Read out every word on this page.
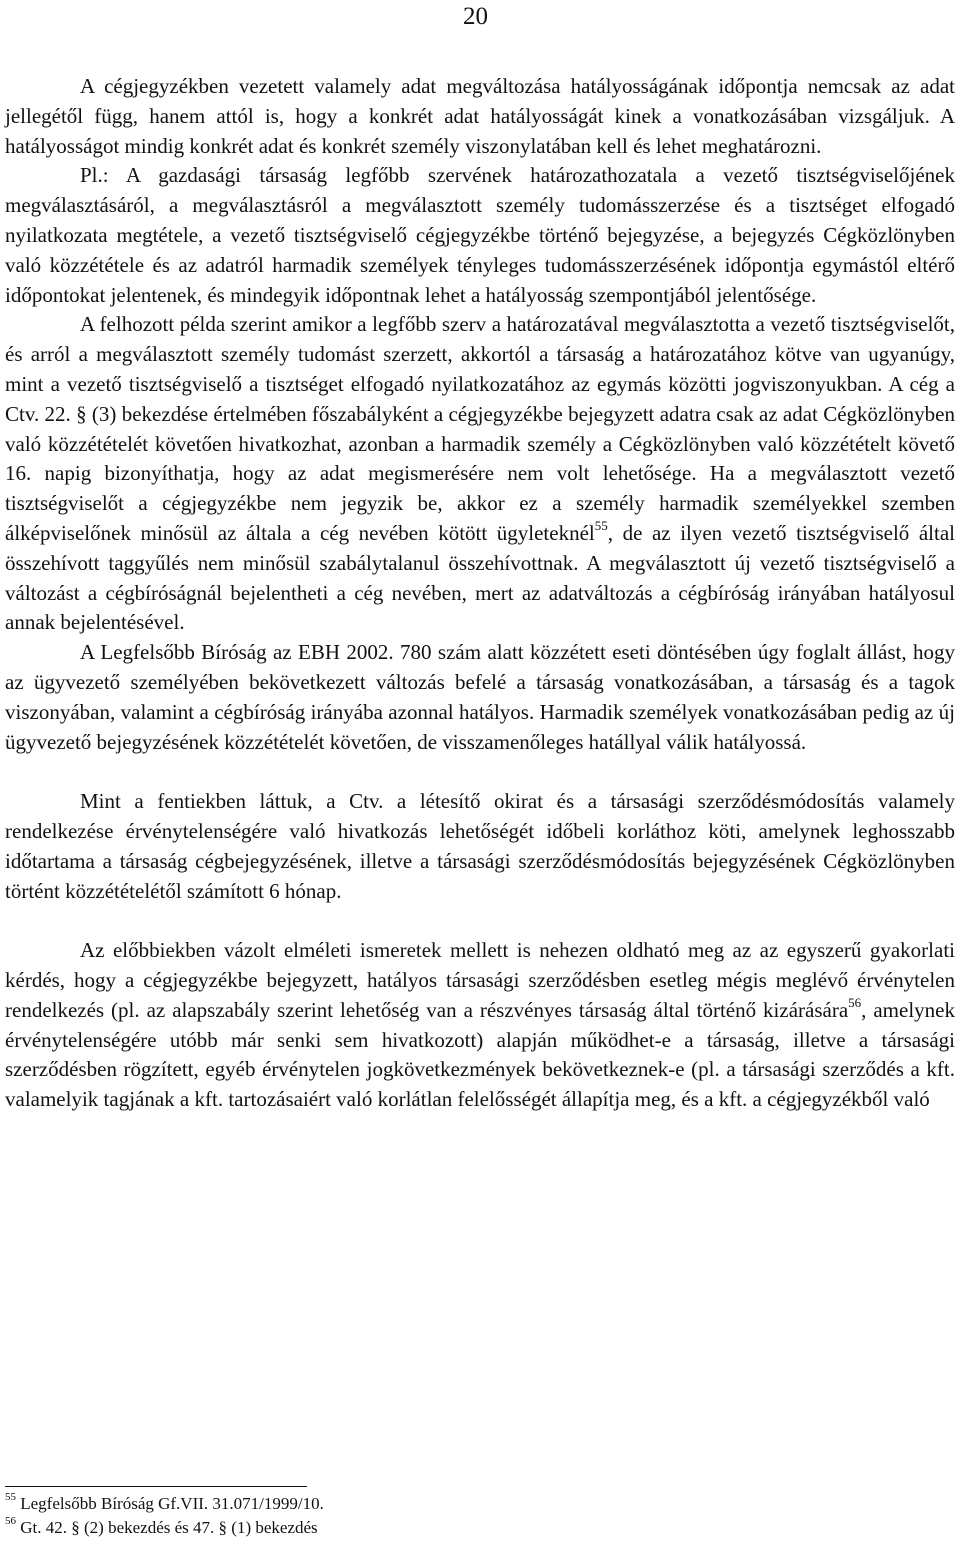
20

A cégjegyzékben vezetett valamely adat megváltozása hatályosságának időpontja nemcsak az adat jellegétől függ, hanem attól is, hogy a konkrét adat hatályosságát kinek a vonatkozásában vizsgáljuk. A hatályosságot mindig konkrét adat és konkrét személy viszonylatában kell és lehet meghatározni.

Pl.: A gazdasági társaság legfőbb szervének határozathozatala a vezető tisztségviselőjének megválasztásáról, a megválasztásról a megválasztott személy tudomásszerzése és a tisztséget elfogadó nyilatkozata megtétele, a vezető tisztségviselő cégjegyzékbe történő bejegyzése, a bejegyzés Cégközlönyben való közzététele és az adatról harmadik személyek tényleges tudomásszerzésének időpontja egymástól eltérő időpontokat jelentenek, és mindegyik időpontnak lehet a hatályosság szempontjából jelentősége.

A felhozott példa szerint amikor a legfőbb szerv a határozatával megválasztotta a vezető tisztségviselőt, és arról a megválasztott személy tudomást szerzett, akkortól a társaság a határozatához kötve van ugyanúgy, mint a vezető tisztségviselő a tisztséget elfogadó nyilatkozatához az egymás közötti jogviszonyukban. A cég a Ctv. 22. § (3) bekezdése értelmében főszabályként a cégjegyzékbe bejegyzett adatra csak az adat Cégközlönyben való közzétételét követően hivatkozhat, azonban a harmadik személy a Cégközlönyben való közzétételt követő 16. napig bizonyíthatja, hogy az adat megismerésére nem volt lehetősége. Ha a megválasztott vezető tisztségviselőt a cégjegyzékbe nem jegyzik be, akkor ez a személy harmadik személyekkel szemben álképviselőnek minősül az általa a cég nevében kötött ügyleteknél$^{55}$, de az ilyen vezető tisztségviselő által összehívott taggyűlés nem minősül szabálytalanul összehívottnak. A megválasztott új vezető tisztségviselő a változást a cégbíróságnál bejelentheti a cég nevében, mert az adatváltozás a cégbíróság irányában hatályosul annak bejelentésével.

A Legfelsőbb Bíróság az EBH 2002. 780 szám alatt közzétett eseti döntésében úgy foglalt állást, hogy az ügyvezető személyében bekövetkezett változás befelé a társaság vonatkozásában, a társaság és a tagok viszonyában, valamint a cégbíróság irányába azonnal hatályos. Harmadik személyek vonatkozásában pedig az új ügyvezető bejegyzésének közzétételét követően, de visszamenőleges hatállyal válik hatályossá.

Mint a fentiekben láttuk, a Ctv. a létesítő okirat és a társasági szerződésmódosítás valamely rendelkezése érvénytelenségére való hivatkozás lehetőségét időbeli korláthoz köti, amelynek leghosszabb időtartama a társaság cégbejegyzésének, illetve a társasági szerződésmódosítás bejegyzésének Cégközlönyben történt közzétételétől számított 6 hónap.

Az előbbiekben vázolt elméleti ismeretek mellett is nehezen oldható meg az az egyszerű gyakorlati kérdés, hogy a cégjegyzékbe bejegyzett, hatályos társasági szerződésben esetleg mégis meglévő érvénytelen rendelkezés (pl. az alapszabály szerint lehetőség van a részvényes társaság által történő kizárására$^{56}$, amelynek érvénytelenségére utóbb már senki sem hivatkozott) alapján működhet-e a társaság, illetve a társasági szerződésben rögzített, egyéb érvénytelen jogkövetkezmények bekövetkeznek-e (pl. a társasági szerződés a kft. valamelyik tagjának a kft. tartozásaiért való korlátlan felelősségét állapítja meg, és a kft. a cégjegyzékből való

$^{55}$ Legfelsőbb Bíróság Gf.VII. 31.071/1999/10.

$^{56}$ Gt. 42. § (2) bekezdés és 47. § (1) bekezdés
